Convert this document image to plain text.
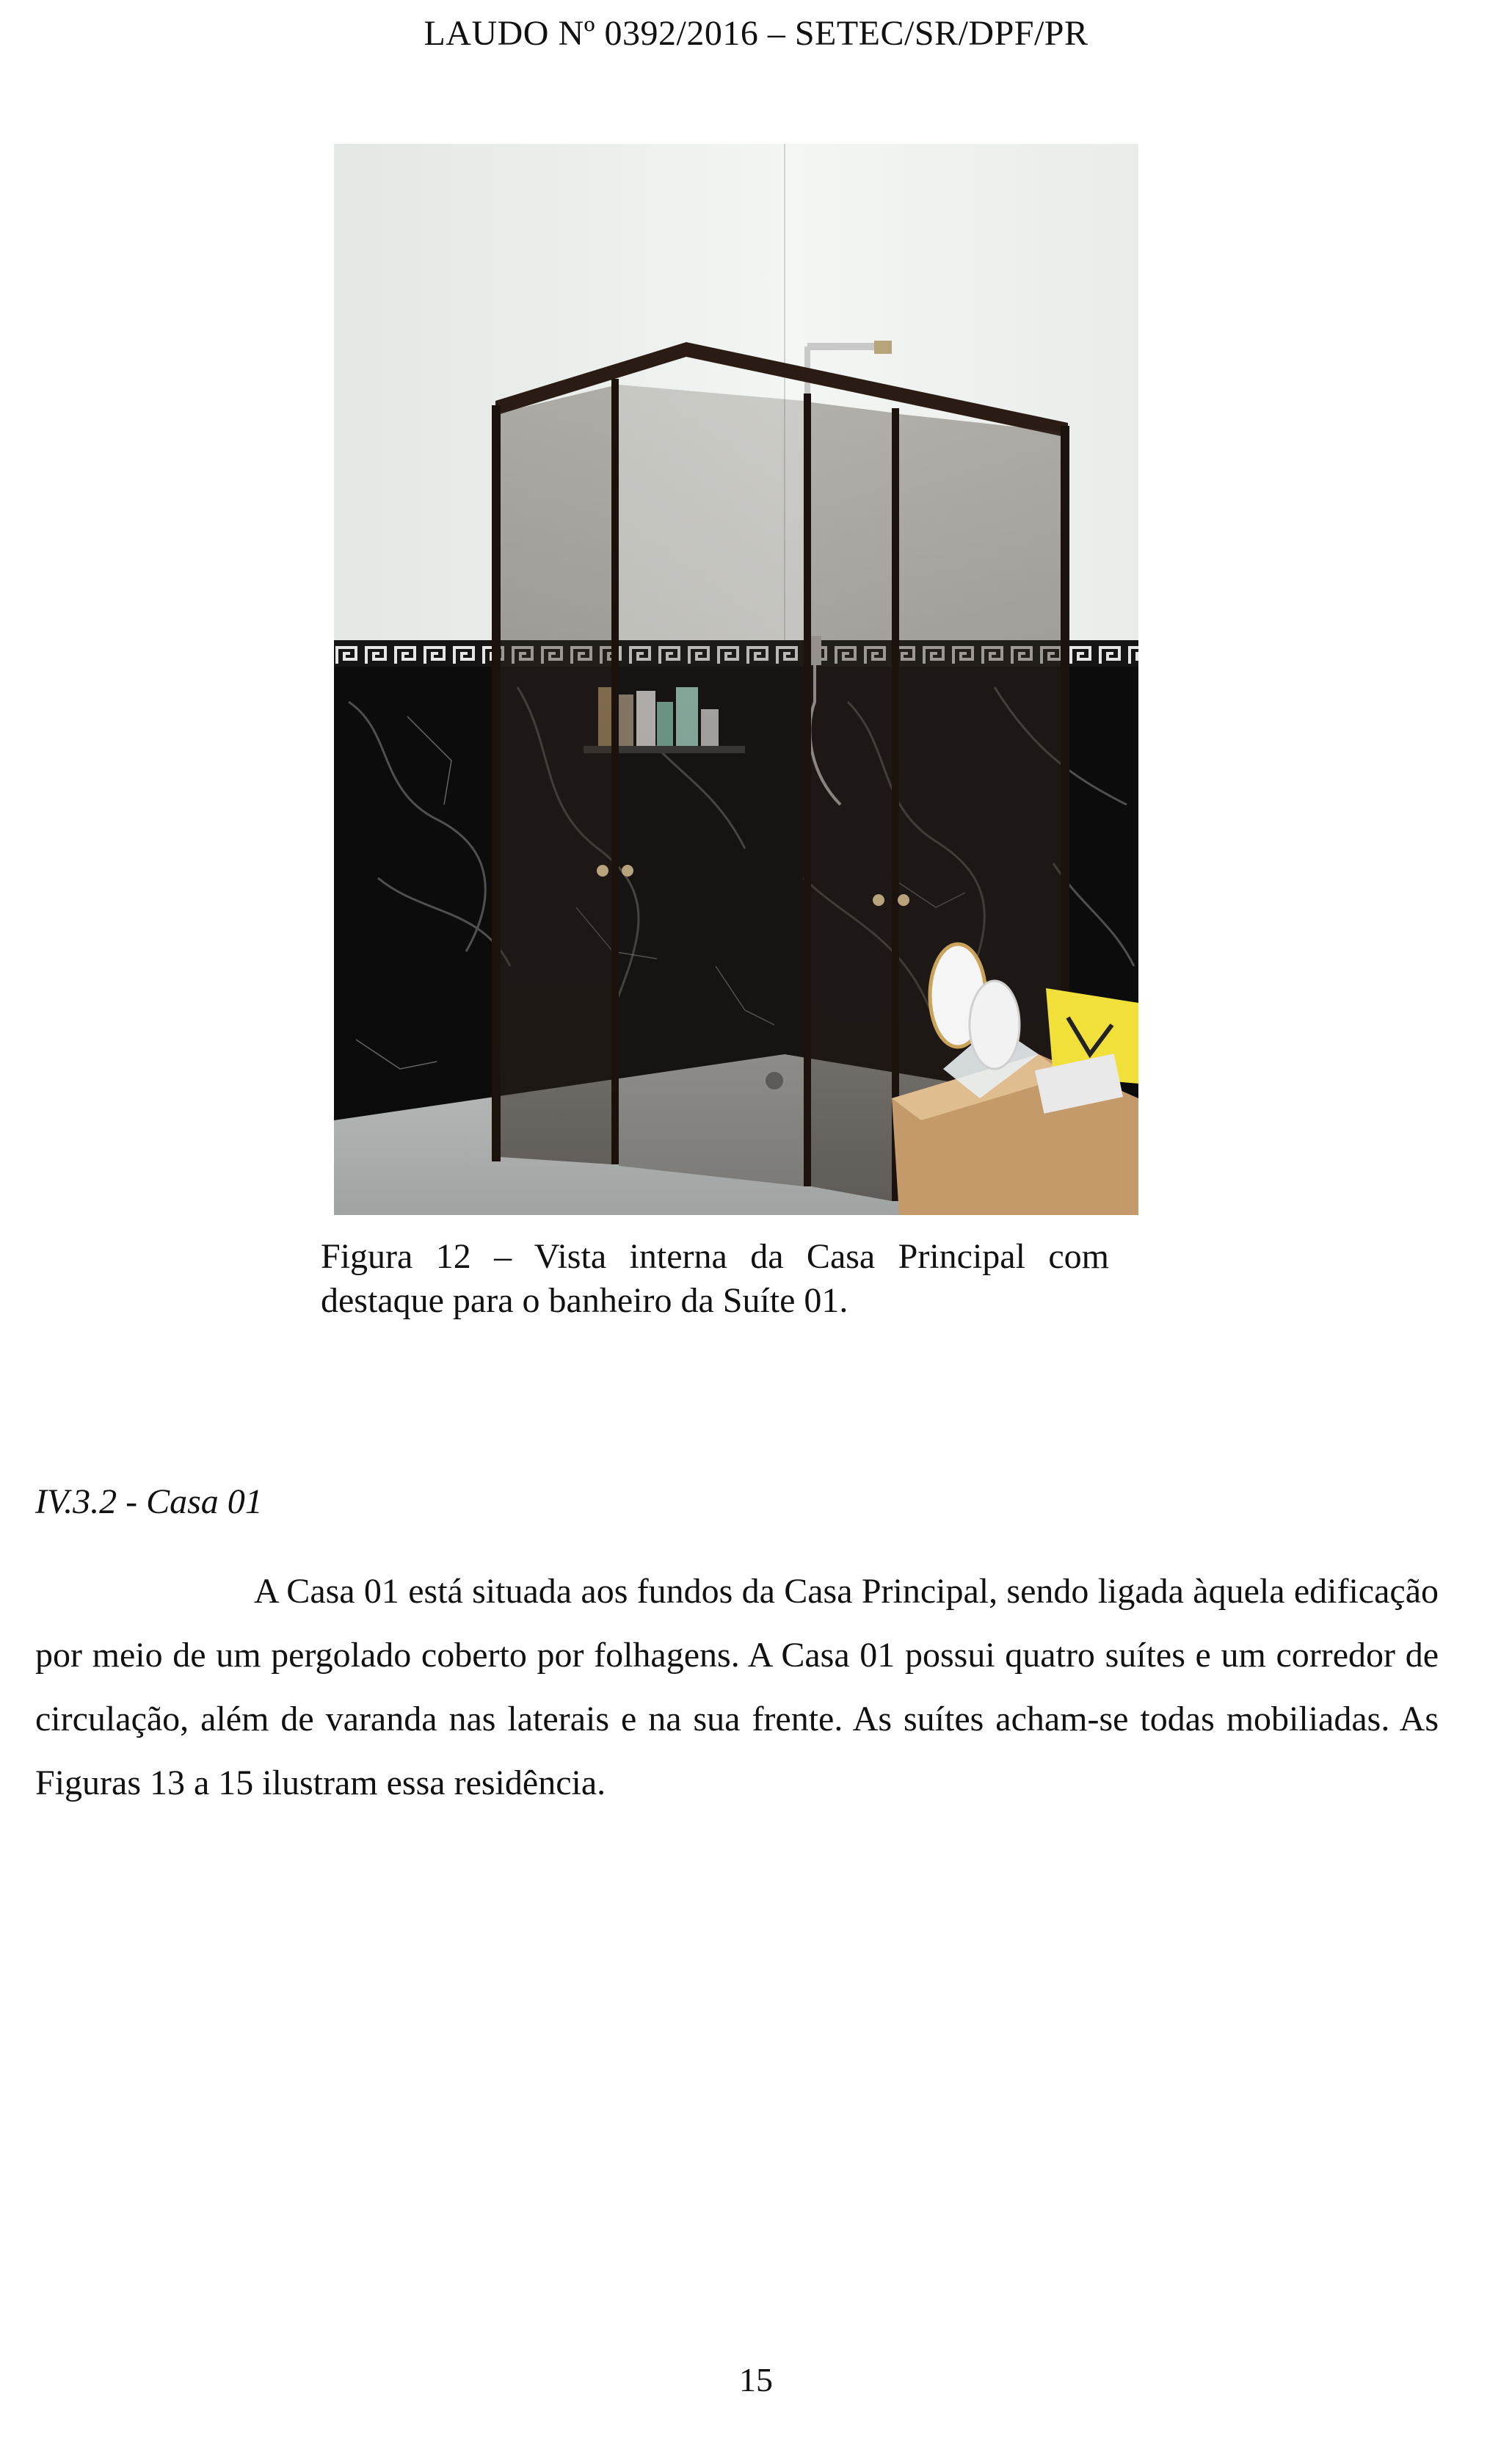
LAUDO Nº 0392/2016 – SETEC/SR/DPF/PR
Figura 12 – Vista interna da Casa Principal com destaque para o banheiro da Suíte 01.
IV.3.2 - Casa 01
A Casa 01 está situada aos fundos da Casa Principal, sendo ligada àquela edificação por meio de um pergolado coberto por folhagens. A Casa 01 possui quatro suítes e um corredor de circulação, além de varanda nas laterais e na sua frente. As suítes acham-se todas mobiliadas. As Figuras 13 a 15 ilustram essa residência.
15
